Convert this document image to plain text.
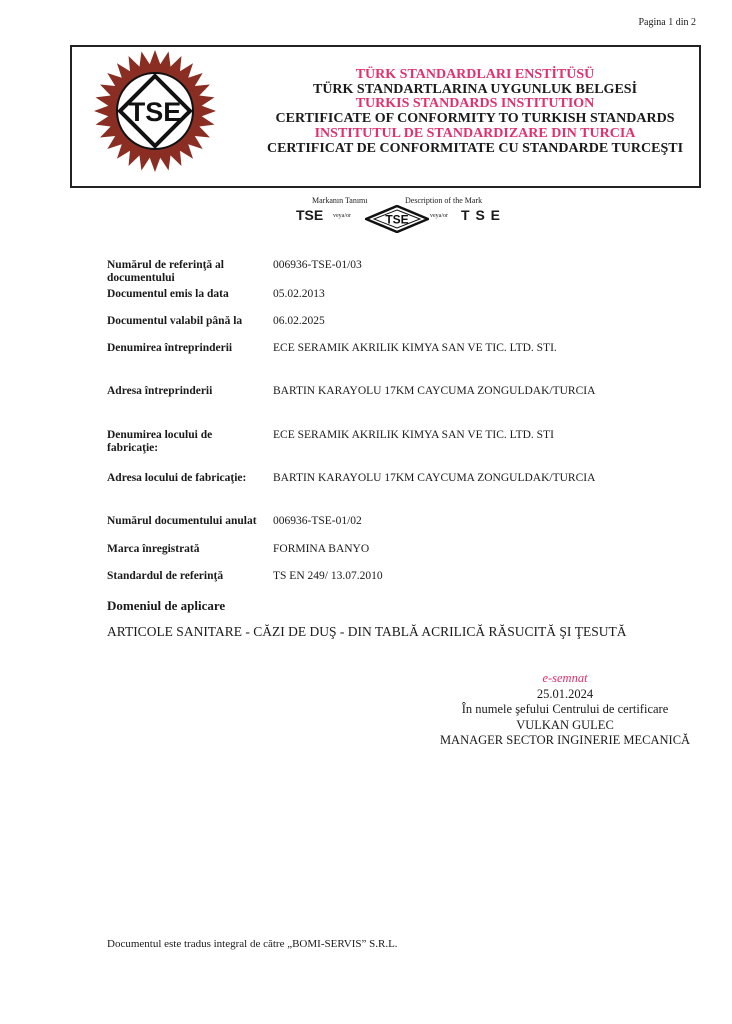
Pagina 1 din 2
TSE
TÜRK STANDARDLARI ENSTİTÜSÜ
TÜRK STANDARTLARINA UYGUNLUK BELGESİ
TURKIS STANDARDS INSTITUTION
CERTIFICATE OF CONFORMITY TO TURKISH STANDARDS
INSTITUTUL DE STANDARDIZARE DIN TURCIA
CERTIFICAT DE CONFORMITATE CU STANDARDE TURCEŞTI
Markanın Tanımı	Description of the Mark
TSE veya/or	TSE	veya/or T S E
Numărul de referinţă al documentului
006936-TSE-01/03
Documentul emis la data	05.02.2013
Documentul valabil până la	06.02.2025
Denumirea întreprinderii	ECE SERAMIK AKRILIK KIMYA SAN VE TIC. LTD. STI.
Adresa întreprinderii	BARTIN KARAYOLU 17KM CAYCUMA ZONGULDAK/TURCIA
Denumirea locului de fabricaţie:
ECE SERAMIK AKRILIK KIMYA SAN VE TIC. LTD. STI
Adresa locului de fabricaţie:	BARTIN KARAYOLU 17KM CAYCUMA ZONGULDAK/TURCIA
Numărul documentului anulat 006936-TSE-01/02
Marca înregistrată	FORMINA BANYO
Standardul de referinţă	TS EN 249/ 13.07.2010
Domeniul de aplicare
ARTICOLE SANITARE - CĂZI DE DUŞ - DIN TABLĂ ACRILICĂ RĂSUCITĂ ŞI ŢESUTĂ
e-semnat
25.01.2024
În numele şefului Centrului de certificare
VULKAN GULEC
MANAGER SECTOR INGINERIE MECANICĂ
Documentul este tradus integral de către „BOMI-SERVIS” S.R.L.
